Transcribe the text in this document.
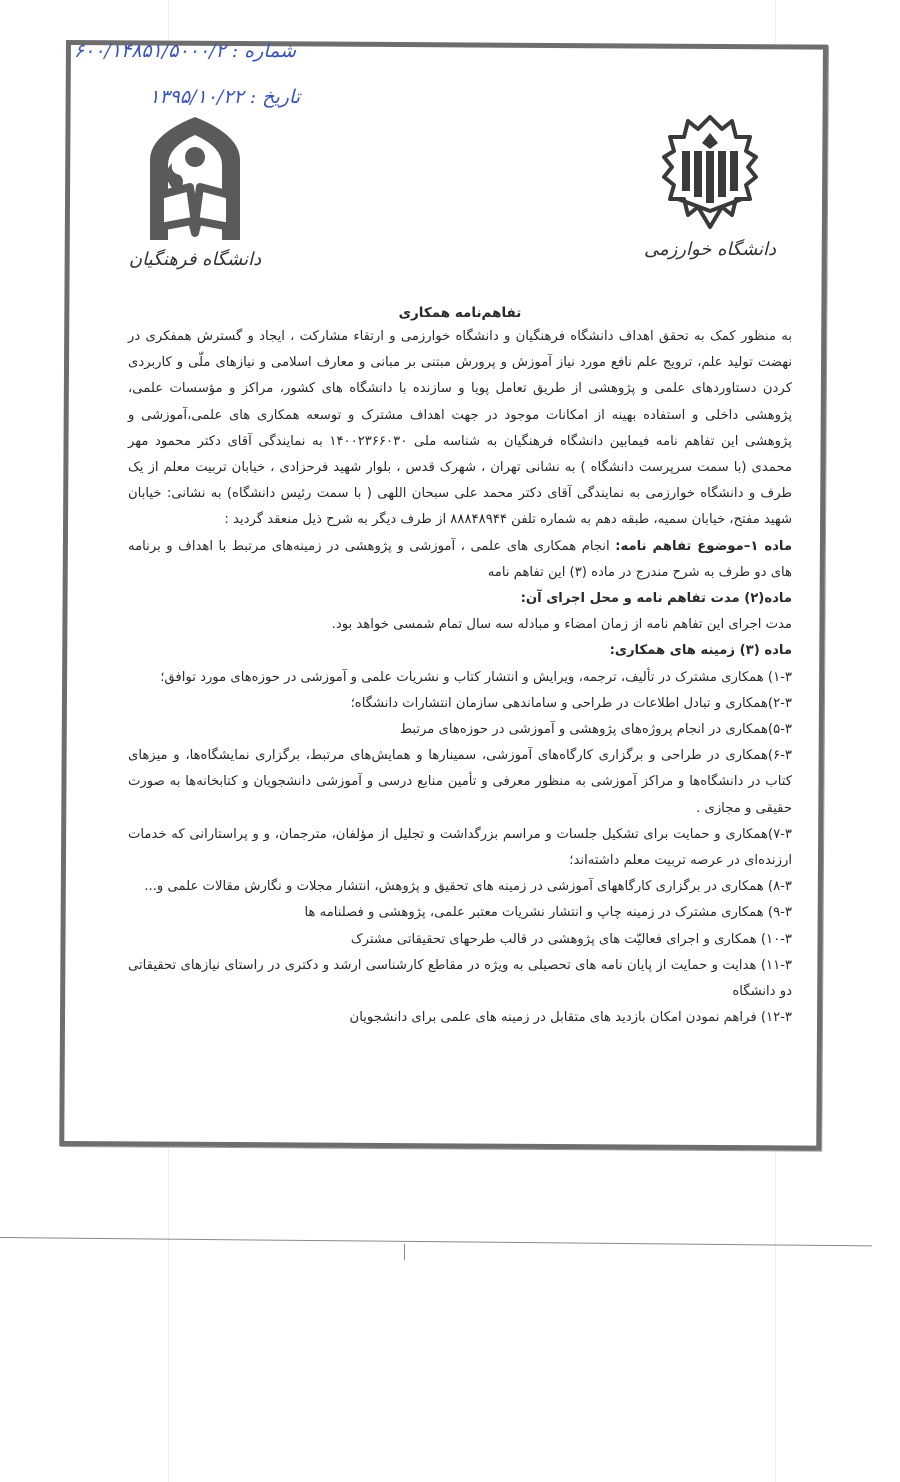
شماره : ۶۰۰/۱۴۸۵۱/۵۰۰۰/۲
تاریخ : ۱۳۹۵/۱۰/۲۲
دانشگاه فرهنگیان	دانشگاه خوارزمی
تفاهم‌نامه همکاری

به منظور کمک به تحقق اهداف دانشگاه فرهنگیان و دانشگاه خوارزمی و ارتقاء مشارکت ، ایجاد و گسترش همفکری در نهضت تولید علم، ترویج علم نافع مورد نیاز آموزش و پرورش مبتنی بر مبانی و معارف اسلامی و نیازهای ملّی و کاربردی کردن دستاوردهای علمی و پژوهشی از طریق تعامل پویا و سازنده با دانشگاه های کشور، مراکز و مؤسسات علمی، پژوهشی داخلی و استفاده بهینه از امکانات موجود در جهت اهداف مشترک و توسعه همکاری های علمی،آموزشی و پژوهشی این تفاهم نامه فیمابین دانشگاه فرهنگیان به شناسه ملی ۱۴۰۰۲۳۶۶۰۳۰ به نمایندگی آقای دکتر محمود مهر محمدی (با سمت سرپرست دانشگاه ) به نشانی تهران ، شهرک قدس ، بلوار شهید فرحزادی ، خیابان تربیت معلم از یک طرف و دانشگاه خوارزمی به نمایندگی آقای دکتر محمد علی سبحان اللهی ( با سمت رئیس دانشگاه) به نشانی: خیابان شهید مفتح، خیابان سمیه، طبقه دهم به شماره تلفن ۸۸۸۴۸۹۴۴ از طرف دیگر به شرح ذیل منعقد گردید :

ماده ۱–موضوع تفاهم نامه: انجام همکاری های علمی ، آموزشی و پژوهشی در زمینه‌های مرتبط با اهداف و برنامه های دو طرف به شرح مندرج در ماده (۳) این تفاهم نامه

ماده(۲) مدت تفاهم نامه و محل اجرای آن:

مدت اجرای این تفاهم نامه از زمان امضاء و مبادله سه سال تمام شمسی خواهد بود.

ماده (۳) زمینه های همکاری:

۱-۳) همکاری مشترک در تألیف، ترجمه، ویرایش و انتشار کتاب و نشریات علمی و آموزشی در حوزه‌های مورد توافق؛

۲-۳)همکاری و تبادل اطلاعات در طراحی و ساماندهی سازمان انتشارات دانشگاه؛

۵-۳)همکاری در انجام پروژه‌های پژوهشی و آموزشی در حوزه‌های مرتبط

۶-۳)همکاری در طراحی و برگزاری کارگاه‌های آموزشی، سمینارها و همایش‌های مرتبط، برگزاری نمایشگاه‌ها، و میزهای کتاب در دانشگاه‌ها و مراکز آموزشی به منظور معرفی و تأمین منابع درسی و آموزشی دانشجویان و کتابخانه‌ها به صورت حقیقی و مجازی .

۷-۳)همکاری و حمایت برای تشکیل جلسات و مراسم بزرگداشت و تجلیل از مؤلفان، مترجمان، و و پراستارانی که خدمات ارزنده‌ای در عرصه تربیت معلم داشته‌اند؛

۸-۳) همکاری در برگزاری کارگاههای آموزشی در زمینه های تحقیق و پژوهش، انتشار مجلات و نگارش مقالات علمی و...

۹-۳) همکاری مشترک در زمینه چاپ و انتشار نشریات معتبر علمی، پژوهشی و فصلنامه ها

۱۰-۳) همکاری و اجرای فعالیّت های پژوهشی در قالب طرحهای تحقیقاتی مشترک

۱۱-۳) هدایت و حمایت از پایان نامه های تحصیلی به ویژه در مقاطع کارشناسی ارشد و دکتری در راستای نیازهای تحقیقاتی دو دانشگاه

۱۲-۳) فراهم نمودن امکان بازدید های متقابل در زمینه های علمی برای دانشجویان
